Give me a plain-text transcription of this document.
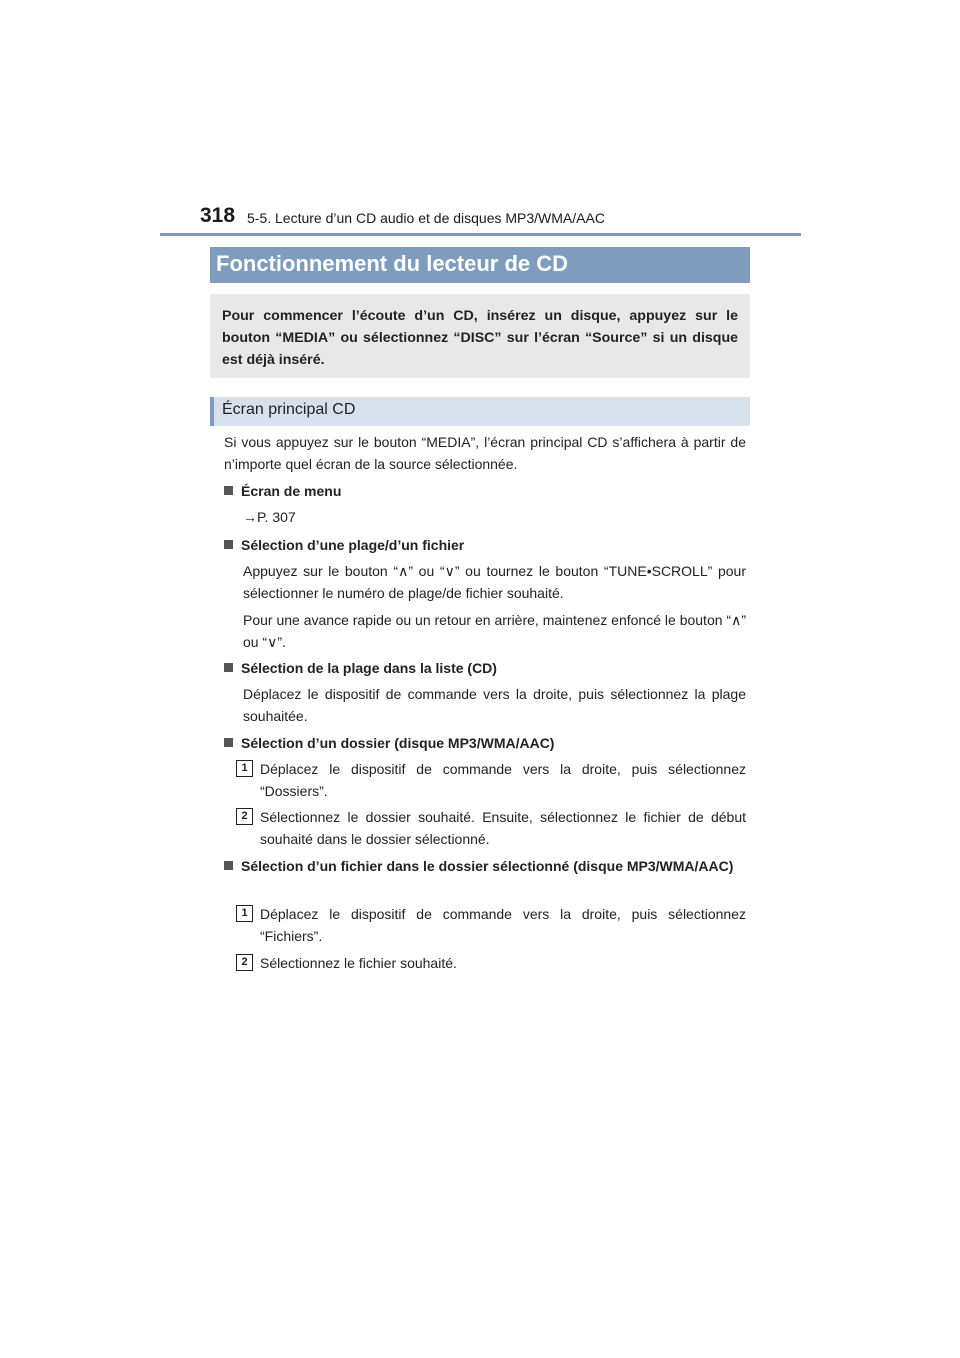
318 5-5. Lecture d’un CD audio et de disques MP3/WMA/AAC
Fonctionnement du lecteur de CD

Pour commencer l’écoute d’un CD, insérez un disque, appuyez sur le bouton “MEDIA” ou sélectionnez “DISC” sur l’écran “Source” si un disque est déjà inséré.

Écran principal CD

Si vous appuyez sur le bouton “MEDIA”, l’écran principal CD s’affichera à partir de n’importe quel écran de la source sélectionnée.

Écran de menu
→P. 307
Sélection d’une plage/d’un fichier

Appuyez sur le bouton “∧” ou “∨” ou tournez le bouton “TUNE•SCROLL” pour sélectionner le numéro de plage/de fichier souhaité.

Pour une avance rapide ou un retour en arrière, maintenez enfoncé le bouton “∧” ou “∨”.

Sélection de la plage dans la liste (CD)

Déplacez le dispositif de commande vers la droite, puis sélectionnez la plage souhaitée.

Sélection d’un dossier (disque MP3/WMA/AAC)
1 Déplacez le dispositif de commande vers la droite, puis sélectionnez “Dossiers”.
2 Sélectionnez le dossier souhaité. Ensuite, sélectionnez le fichier de début souhaité dans le dossier sélectionné.
Sélection d’un fichier dans le dossier sélectionné (disque MP3/WMA/AAC)
1 Déplacez le dispositif de commande vers la droite, puis sélectionnez “Fichiers”.
2 Sélectionnez le fichier souhaité.
